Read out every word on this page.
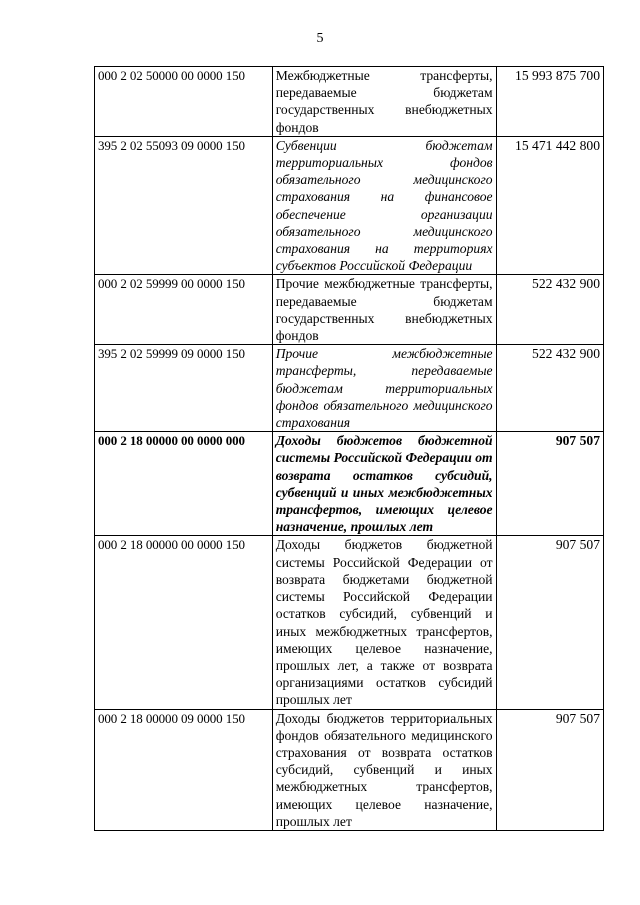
5
000 2 02 50000 00 0000 150	Межбюджетные трансферты, передаваемые бюджетам государственных внебюджетных фондов	15 993 875 700
395 2 02 55093 09 0000 150	Субвенции бюджетам территориальных фондов обязательного медицинского страхования на финансовое обеспечение организации обязательного медицинского страхования на территориях субъектов Российской Федерации	15 471 442 800
000 2 02 59999 00 0000 150	Прочие межбюджетные трансферты, передаваемые бюджетам государственных внебюджетных фондов	522 432 900
395 2 02 59999 09 0000 150	Прочие межбюджетные трансферты, передаваемые бюджетам территориальных фондов обязательного медицинского страхования	522 432 900
000 2 18 00000 00 0000 000	Доходы бюджетов бюджетной системы Российской Федерации от возврата остатков субсидий, субвенций и иных межбюджетных трансфертов, имеющих целевое назначение, прошлых лет	907 507
000 2 18 00000 00 0000 150	Доходы бюджетов бюджетной системы Российской Федерации от возврата бюджетами бюджетной системы Российской Федерации остатков субсидий, субвенций и иных межбюджетных трансфертов, имеющих целевое назначение, прошлых лет, а также от возврата организациями остатков субсидий прошлых лет	907 507
000 2 18 00000 09 0000 150	Доходы бюджетов территориальных фондов обязательного медицинского страхования от возврата остатков субсидий, субвенций и иных межбюджетных трансфертов, имеющих целевое назначение, прошлых лет	907 507
